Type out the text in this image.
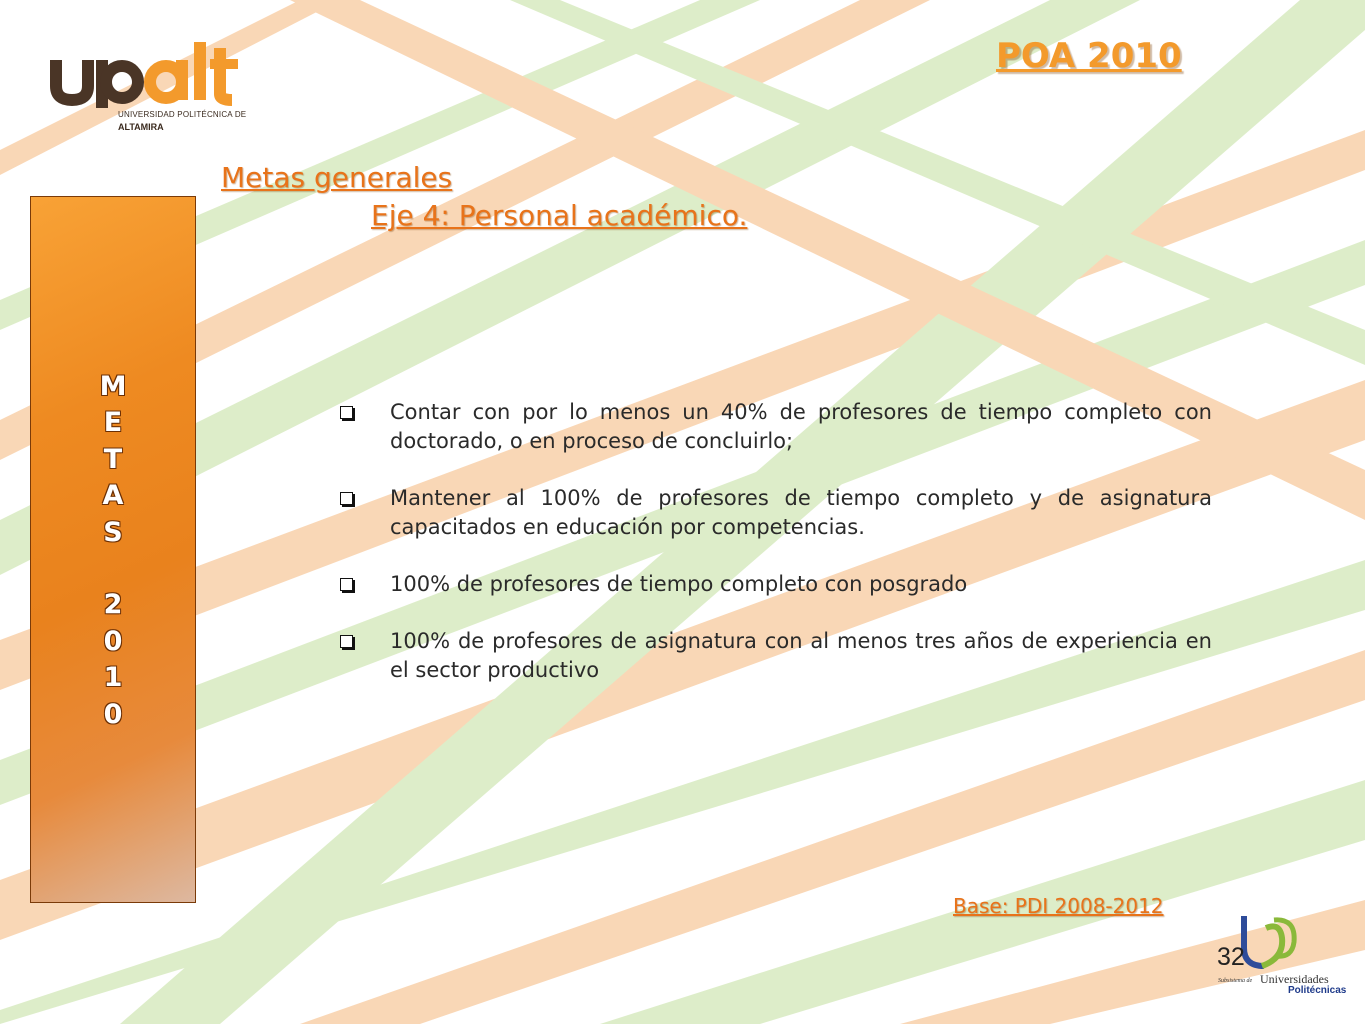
UNIVERSIDAD POLITÉCNICA DE
ALTAMIRA
POA 2010
Metas generales
Eje 4: Personal académico.
M
E
T
A
S

2
0
1
0
Contar con por lo menos un 40% de profesores de tiempo completo con doctorado, o en proceso de concluirlo;
Mantener al 100% de profesores de tiempo completo y de asignatura capacitados en educación por competencias.
100% de profesores de tiempo completo con posgrado
100% de profesores de asignatura con al menos tres años de experiencia en el sector productivo
Base: PDI 2008-2012
Subsistema de Universidades
Politécnicas
32
